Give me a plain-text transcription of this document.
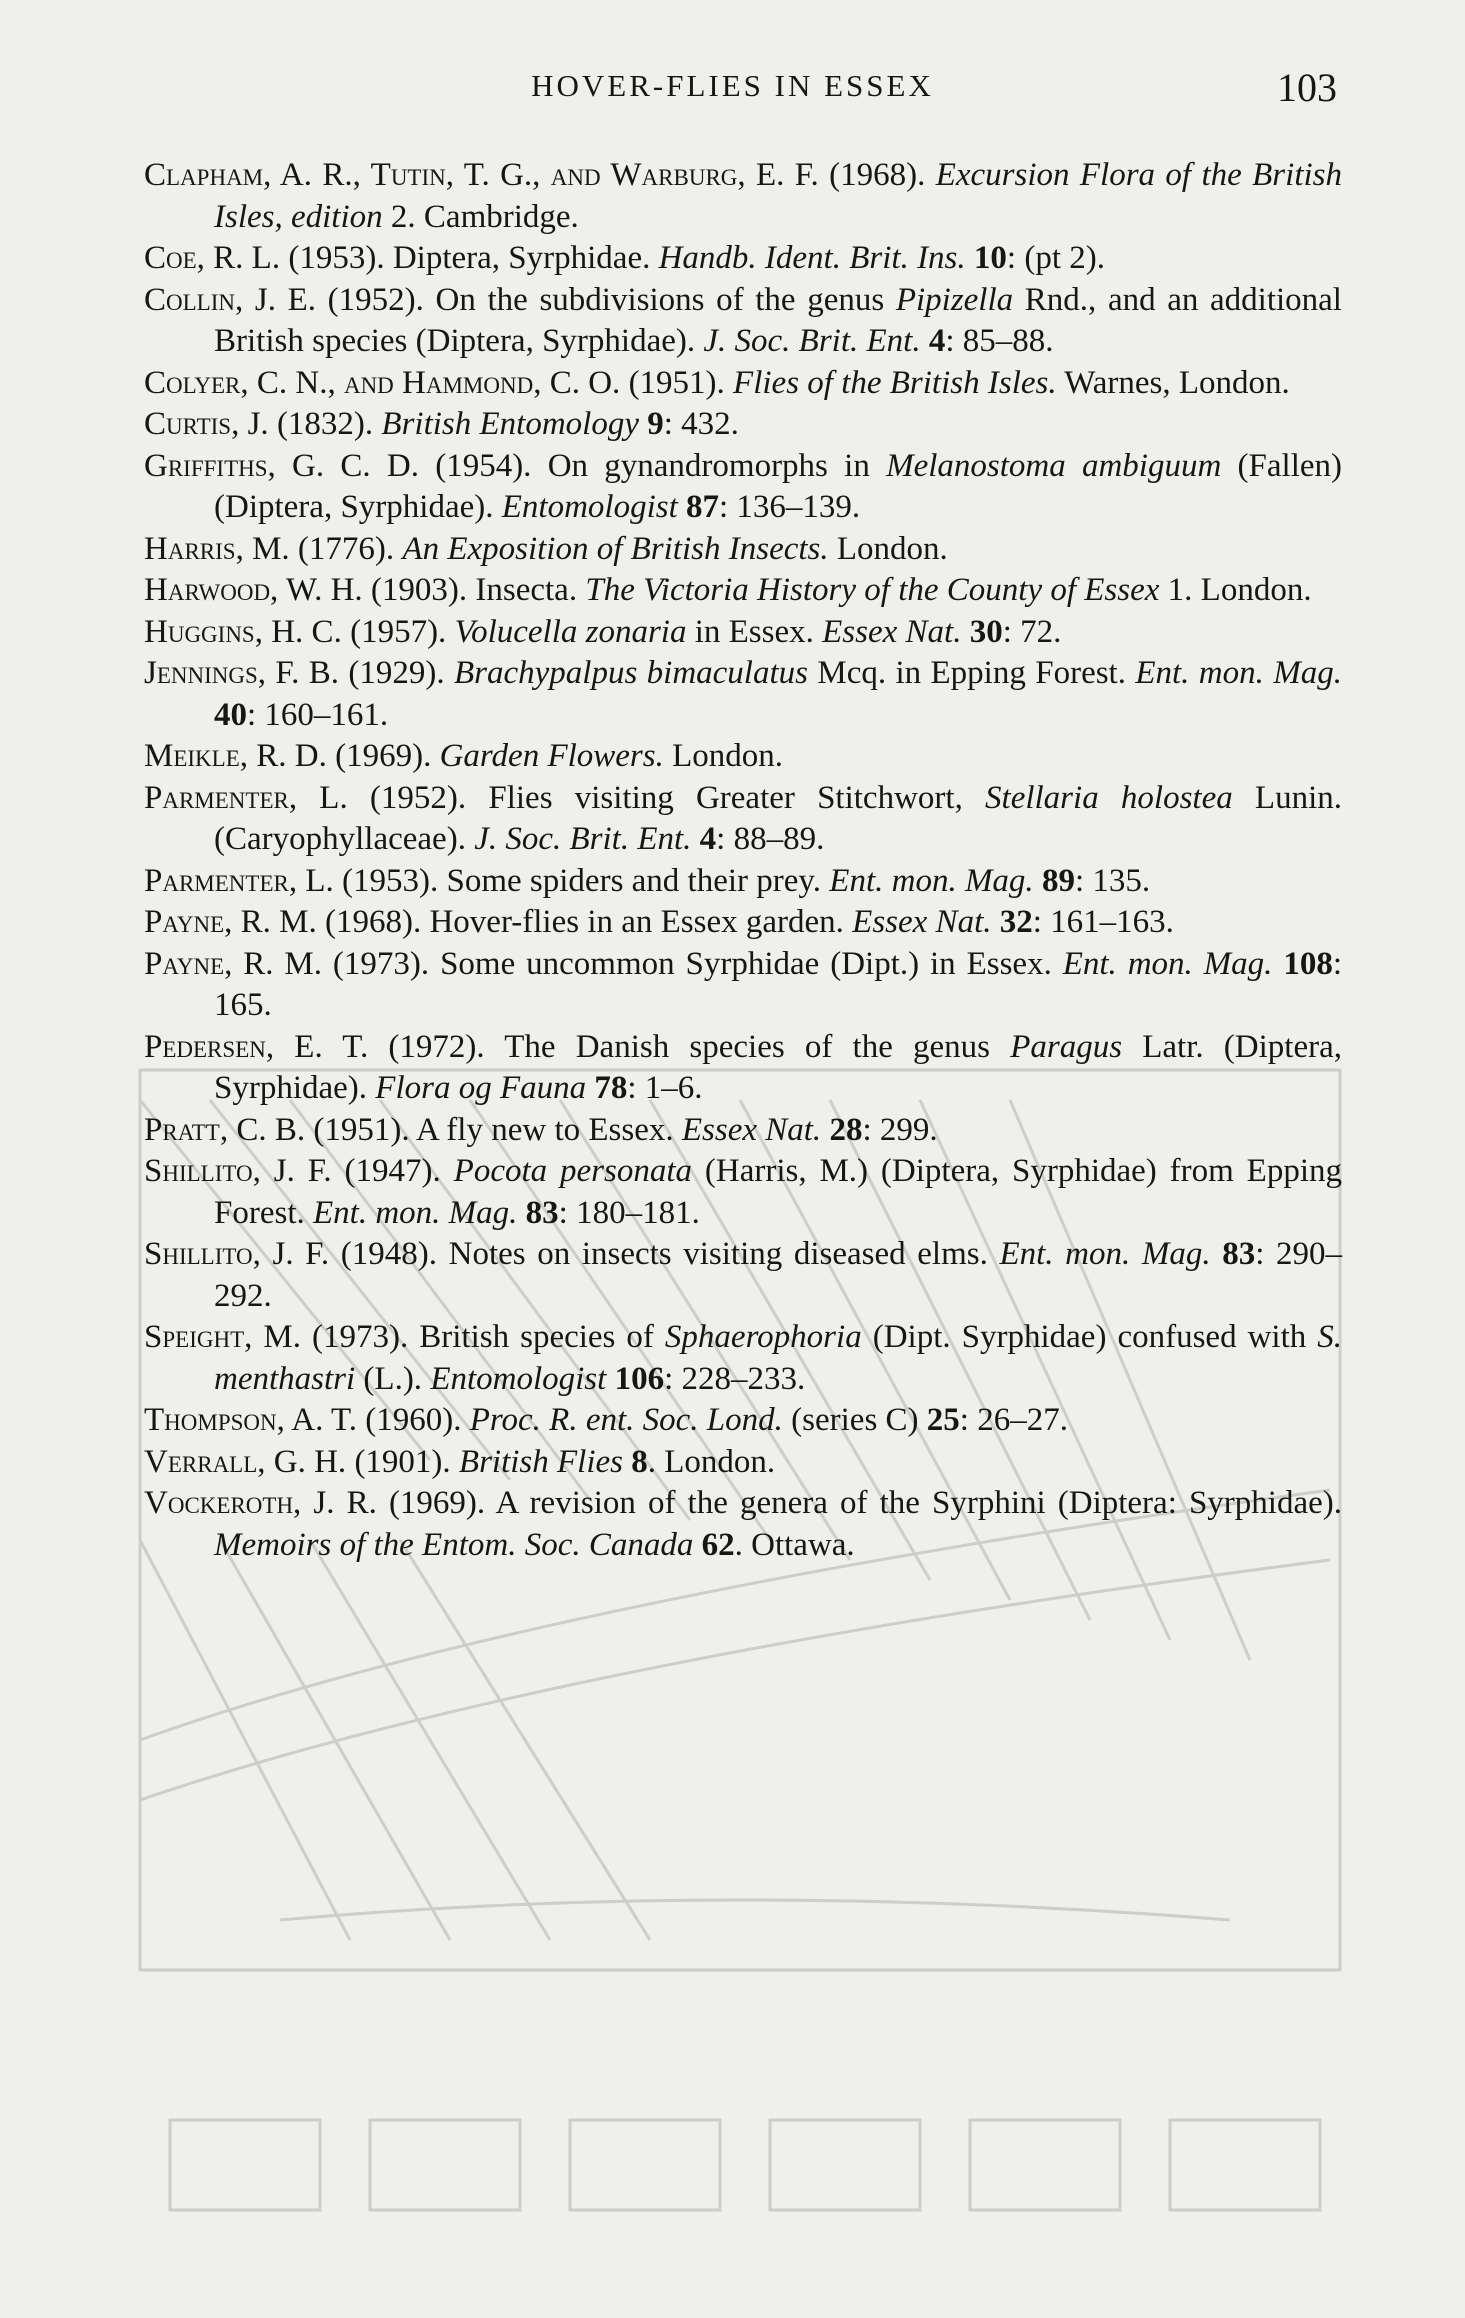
HOVER-FLIES IN ESSEX	103
Clapham, A. R., Tutin, T. G., and Warburg, E. F. (1968). Excursion Flora of the British Isles, edition 2. Cambridge.
Coe, R. L. (1953). Diptera, Syrphidae. Handb. Ident. Brit. Ins. 10: (pt 2).
Collin, J. E. (1952). On the subdivisions of the genus Pipizella Rnd., and an additional British species (Diptera, Syrphidae). J. Soc. Brit. Ent. 4: 85–88.
Colyer, C. N., and Hammond, C. O. (1951). Flies of the British Isles. Warnes, London.
Curtis, J. (1832). British Entomology 9: 432.
Griffiths, G. C. D. (1954). On gynandromorphs in Melanostoma ambiguum (Fallen) (Diptera, Syrphidae). Entomologist 87: 136–139.
Harris, M. (1776). An Exposition of British Insects. London.
Harwood, W. H. (1903). Insecta. The Victoria History of the County of Essex 1. London.
Huggins, H. C. (1957). Volucella zonaria in Essex. Essex Nat. 30: 72.
Jennings, F. B. (1929). Brachypalpus bimaculatus Mcq. in Epping Forest. Ent. mon. Mag. 40: 160–161.
Meikle, R. D. (1969). Garden Flowers. London.
Parmenter, L. (1952). Flies visiting Greater Stitchwort, Stellaria holostea Lunin. (Caryophyllaceae). J. Soc. Brit. Ent. 4: 88–89.
Parmenter, L. (1953). Some spiders and their prey. Ent. mon. Mag. 89: 135.
Payne, R. M. (1968). Hover-flies in an Essex garden. Essex Nat. 32: 161–163.
Payne, R. M. (1973). Some uncommon Syrphidae (Dipt.) in Essex. Ent. mon. Mag. 108: 165.
Pedersen, E. T. (1972). The Danish species of the genus Paragus Latr. (Diptera, Syrphidae). Flora og Fauna 78: 1–6.
Pratt, C. B. (1951). A fly new to Essex. Essex Nat. 28: 299.
Shillito, J. F. (1947). Pocota personata (Harris, M.) (Diptera, Syrphidae) from Epping Forest. Ent. mon. Mag. 83: 180–181.
Shillito, J. F. (1948). Notes on insects visiting diseased elms. Ent. mon. Mag. 83: 290–292.
Speight, M. (1973). British species of Sphaerophoria (Dipt. Syrphidae) confused with S. menthastri (L.). Entomologist 106: 228–233.
Thompson, A. T. (1960). Proc. R. ent. Soc. Lond. (series C) 25: 26–27.
Verrall, G. H. (1901). British Flies 8. London.
Vockeroth, J. R. (1969). A revision of the genera of the Syrphini (Diptera: Syrphidae). Memoirs of the Entom. Soc. Canada 62. Ottawa.
